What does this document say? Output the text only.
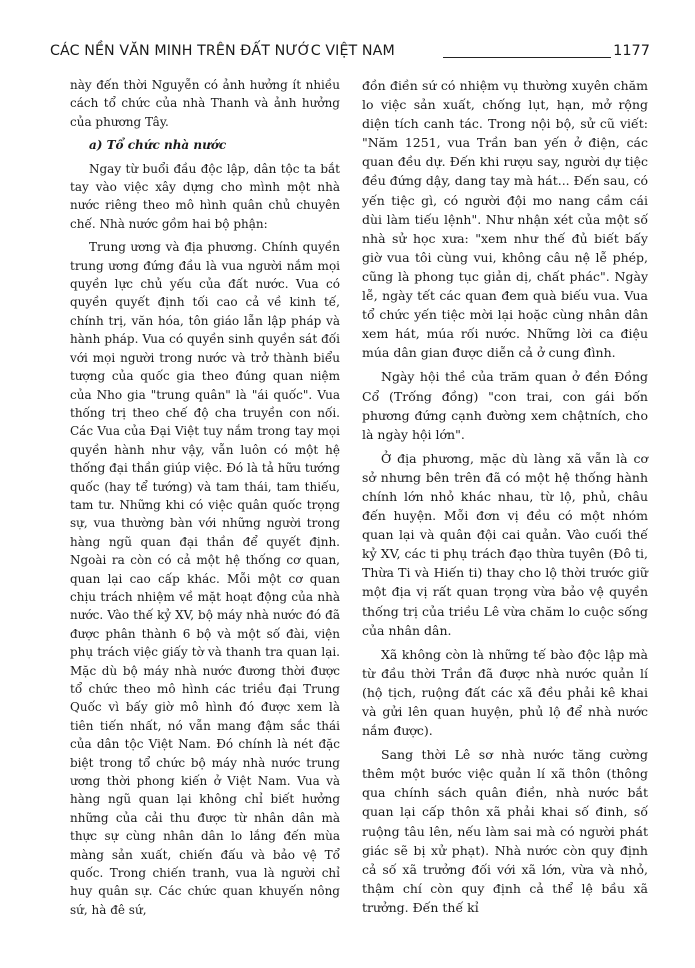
CÁC NỀN VĂN MINH TRÊN ĐẤT NƯỚC VIỆT NAM	1177

này đến thời Nguyễn có ảnh hưởng ít nhiều cách tổ chức của nhà Thanh và ảnh hưởng của phương Tây.

a) Tổ chức nhà nước

Ngay từ buổi đầu độc lập, dân tộc ta bắt tay vào việc xây dựng cho mình một nhà nước riêng theo mô hình quân chủ chuyên chế. Nhà nước gồm hai bộ phận:

Trung ương và địa phương. Chính quyền trung ương đứng đầu là vua người nắm mọi quyền lực chủ yếu của đất nước. Vua có quyền quyết định tối cao cả về kinh tế, chính trị, văn hóa, tôn giáo lẫn lập pháp và hành pháp. Vua có quyền sinh quyền sát đối với mọi người trong nước và trở thành biểu tượng của quốc gia theo đúng quan niệm của Nho gia "trung quân" là "ái quốc". Vua thống trị theo chế độ cha truyền con nối. Các Vua của Đại Việt tuy nắm trong tay mọi quyền hành như vậy, vẫn luôn có một hệ thống đại thần giúp việc. Đó là tả hữu tướng quốc (hay tể tướng) và tam thái, tam thiếu, tam tư. Những khi có việc quân quốc trọng sự, vua thường bàn với những người trong hàng ngũ quan đại thần để quyết định. Ngoài ra còn có cả một hệ thống cơ quan, quan lại cao cấp khác. Mỗi một cơ quan chịu trách nhiệm về mặt hoạt động của nhà nước. Vào thế kỷ XV, bộ máy nhà nước đó đã được phân thành 6 bộ và một số đài, viện phụ trách việc giấy tờ và thanh tra quan lại. Mặc dù bộ máy nhà nước đương thời được tổ chức theo mô hình các triều đại Trung Quốc vì bấy giờ mô hình đó được xem là tiên tiến nhất, nó vẫn mang đậm sắc thái của dân tộc Việt Nam. Đó chính là nét đặc biệt trong tổ chức bộ máy nhà nước trung ương thời phong kiến ở Việt Nam. Vua và hàng ngũ quan lại không chỉ biết hưởng những của cải thu được từ nhân dân mà thực sự cùng nhân dân lo lắng đến mùa màng sản xuất, chiến đấu và bảo vệ Tổ quốc. Trong chiến tranh, vua là người chỉ huy quân sự. Các chức quan khuyến nông sứ, hà đê sứ,

đồn điền sứ có nhiệm vụ thường xuyên chăm lo việc sản xuất, chống lụt, hạn, mở rộng diện tích canh tác. Trong nội bộ, sử cũ viết: "Năm 1251, vua Trần ban yến ở điện, các quan đều dự. Đến khi rượu say, người dự tiệc đều đứng dậy, dang tay mà hát... Đến sau, có yến tiệc gì, có người đội mo nang cầm cái dùi làm tiếu lệnh". Như nhận xét của một số nhà sử học xưa: "xem như thế đủ biết bấy giờ vua tôi cùng vui, không câu nệ lễ phép, cũng là phong tục giản dị, chất phác". Ngày lễ, ngày tết các quan đem quà biếu vua. Vua tổ chức yến tiệc mời lại hoặc cùng nhân dân xem hát, múa rối nước. Những lời ca điệu múa dân gian được diễn cả ở cung đình.

Ngày hội thề của trăm quan ở đền Đồng Cổ (Trống đồng) "con trai, con gái bốn phương đứng cạnh đường xem chậtních, cho là ngày hội lớn".

Ở địa phương, mặc dù làng xã vẫn là cơ sở nhưng bên trên đã có một hệ thống hành chính lớn nhỏ khác nhau, từ lộ, phủ, châu đến huyện. Mỗi đơn vị đều có một nhóm quan lại và quân đội cai quản. Vào cuối thế kỷ XV, các ti phụ trách đạo thừa tuyên (Đô ti, Thừa Ti và Hiến ti) thay cho lộ thời trước giữ một địa vị rất quan trọng vừa bảo vệ quyền thống trị của triều Lê vừa chăm lo cuộc sống của nhân dân.

Xã không còn là những tế bào độc lập mà từ đầu thời Trần đã được nhà nước quản lí (hộ tịch, ruộng đất các xã đều phải kê khai và gửi lên quan huyện, phủ lộ để nhà nước nắm được).

Sang thời Lê sơ nhà nước tăng cường thêm một bước việc quản lí xã thôn (thông qua chính sách quân điền, nhà nước bắt quan lại cấp thôn xã phải khai số đinh, số ruộng tâu lên, nếu làm sai mà có người phát giác sẽ bị xử phạt). Nhà nước còn quy định cả số xã trưởng đối với xã lớn, vừa và nhỏ, thậm chí còn quy định cả thể lệ bầu xã trưởng. Đến thế kỉ
